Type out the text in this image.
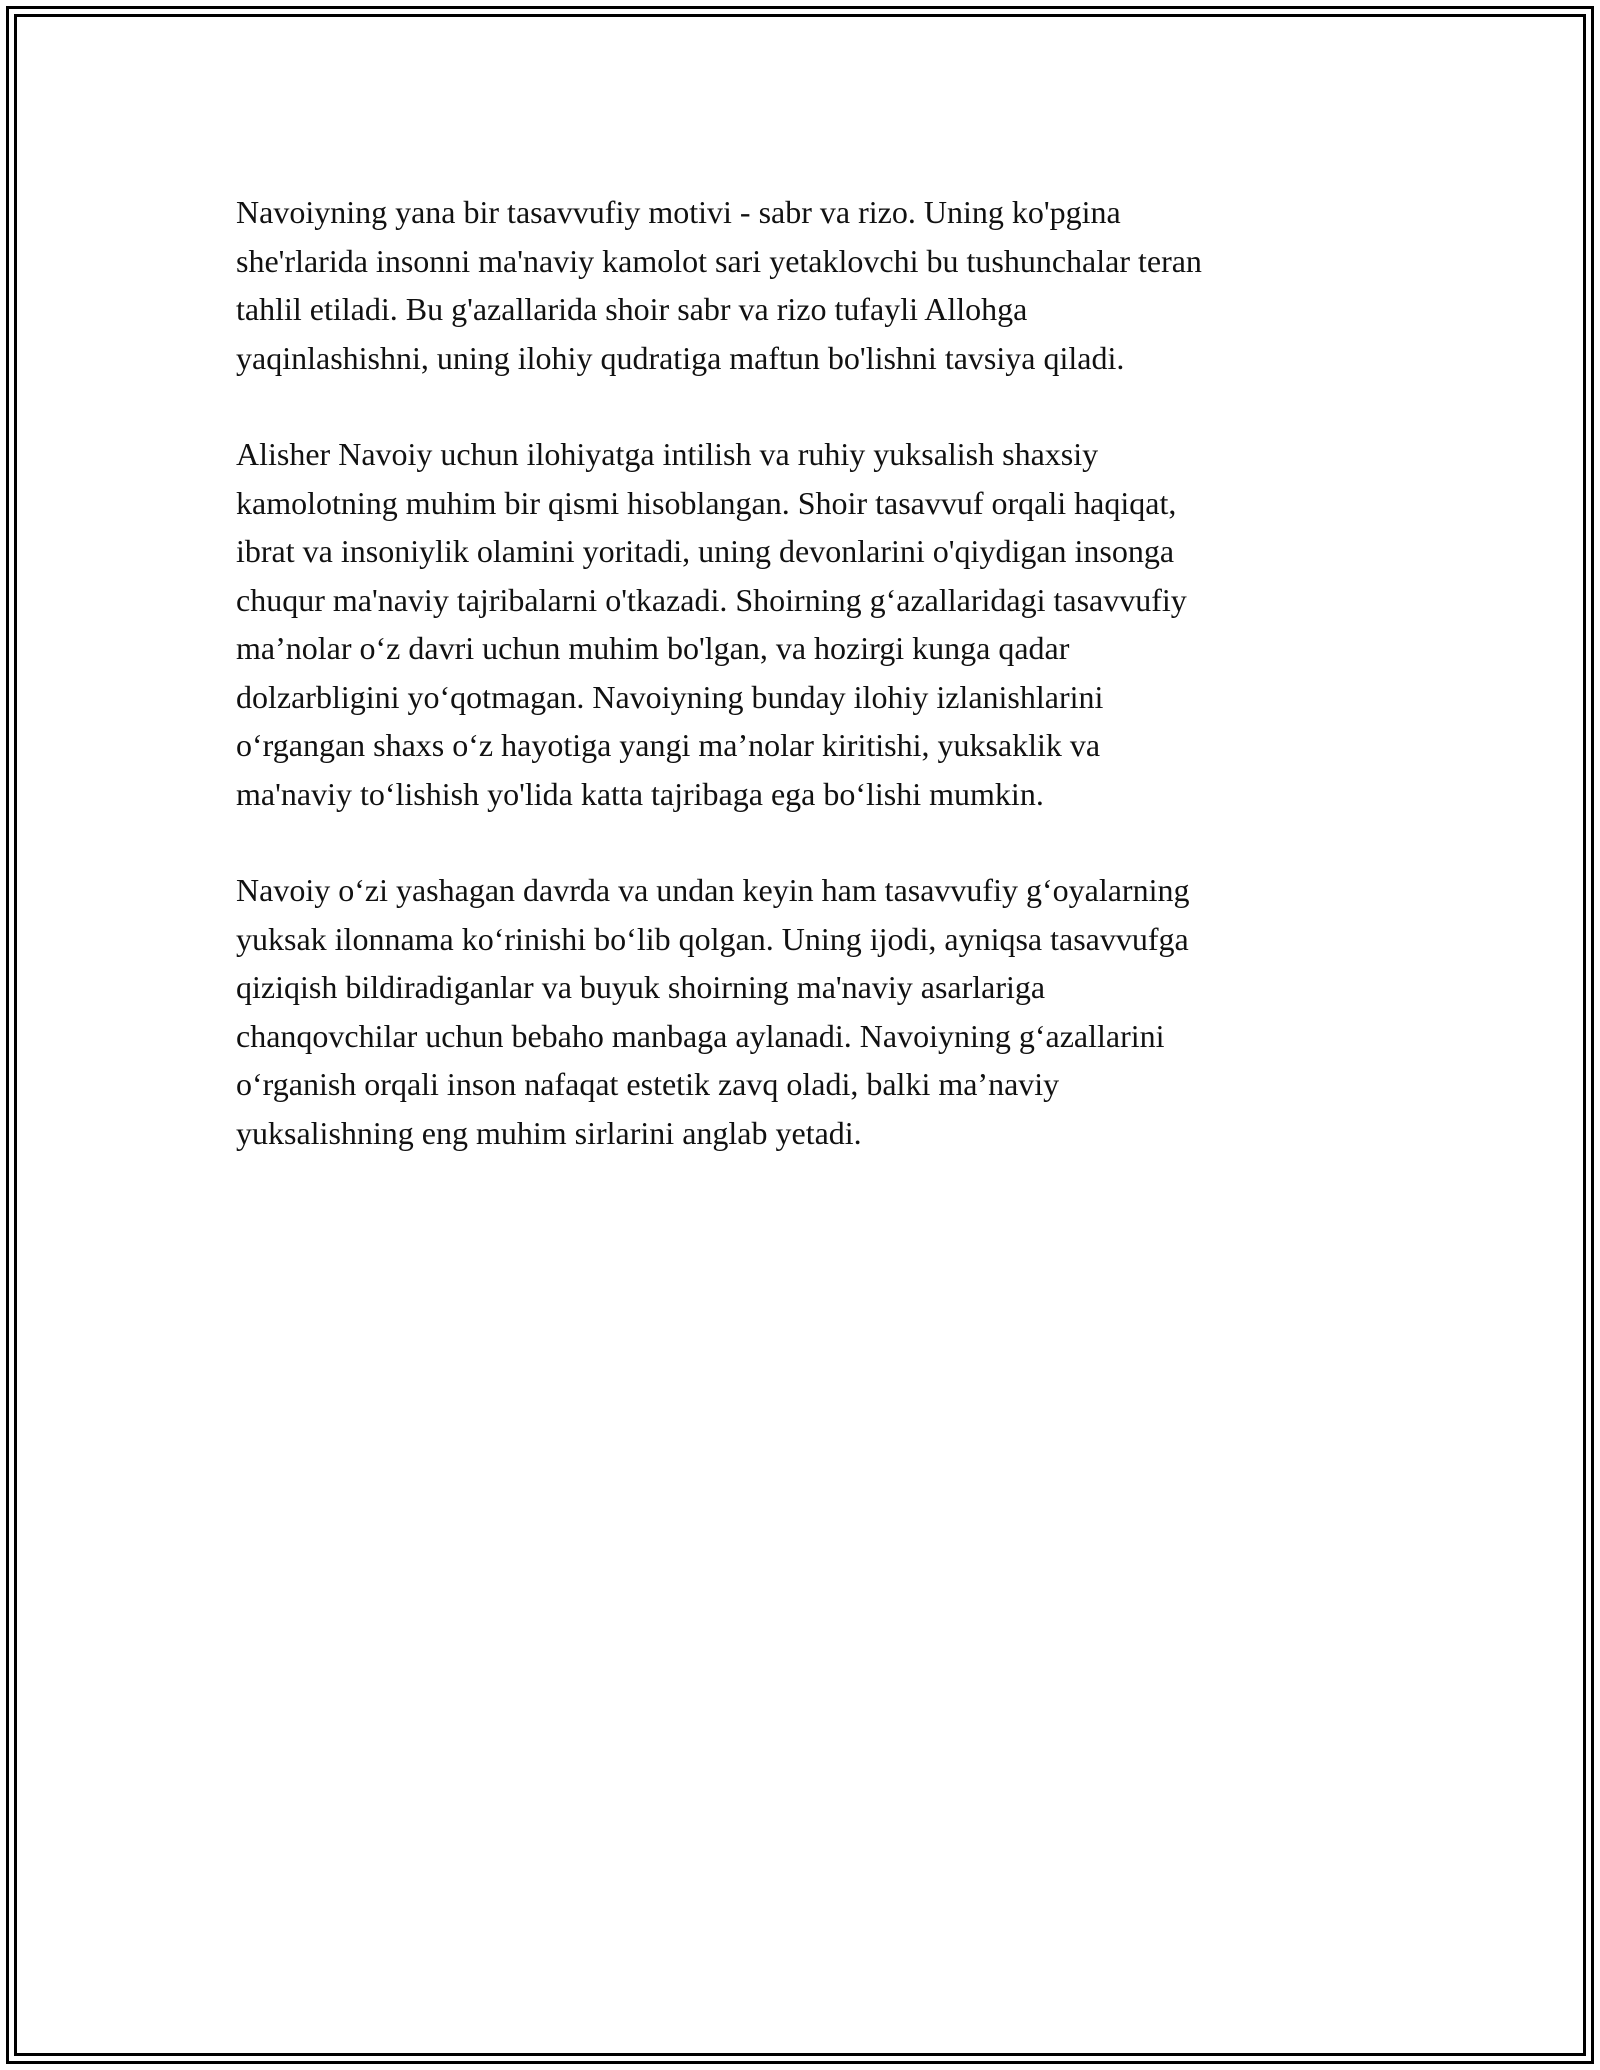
Navoiyning yana bir tasavvufiy motivi - sabr va rizo. Uning ko'pgina
she'rlarida insonni ma'naviy kamolot sari yetaklovchi bu tushunchalar teran
tahlil etiladi. Bu g'azallarida shoir sabr va rizo tufayli Allohga
yaqinlashishni, uning ilohiy qudratiga maftun bo'lishni tavsiya qiladi.

Alisher Navoiy uchun ilohiyatga intilish va ruhiy yuksalish shaxsiy
kamolotning muhim bir qismi hisoblangan. Shoir tasavvuf orqali haqiqat,
ibrat va insoniylik olamini yoritadi, uning devonlarini o'qiydigan insonga
chuqur ma'naviy tajribalarni o'tkazadi. Shoirning g‘azallaridagi tasavvufiy
ma’nolar o‘z davri uchun muhim bo'lgan, va hozirgi kunga qadar
dolzarbligini yo‘qotmagan. Navoiyning bunday ilohiy izlanishlarini
o‘rgangan shaxs o‘z hayotiga yangi ma’nolar kiritishi, yuksaklik va
ma'naviy to‘lishish yo'lida katta tajribaga ega bo‘lishi mumkin.

Navoiy o‘zi yashagan davrda va undan keyin ham tasavvufiy g‘oyalarning
yuksak ilonnama ko‘rinishi bo‘lib qolgan. Uning ijodi, ayniqsa tasavvufga
qiziqish bildiradiganlar va buyuk shoirning ma'naviy asarlariga
chanqovchilar uchun bebaho manbaga aylanadi. Navoiyning g‘azallarini
o‘rganish orqali inson nafaqat estetik zavq oladi, balki ma’naviy
yuksalishning eng muhim sirlarini anglab yetadi.
